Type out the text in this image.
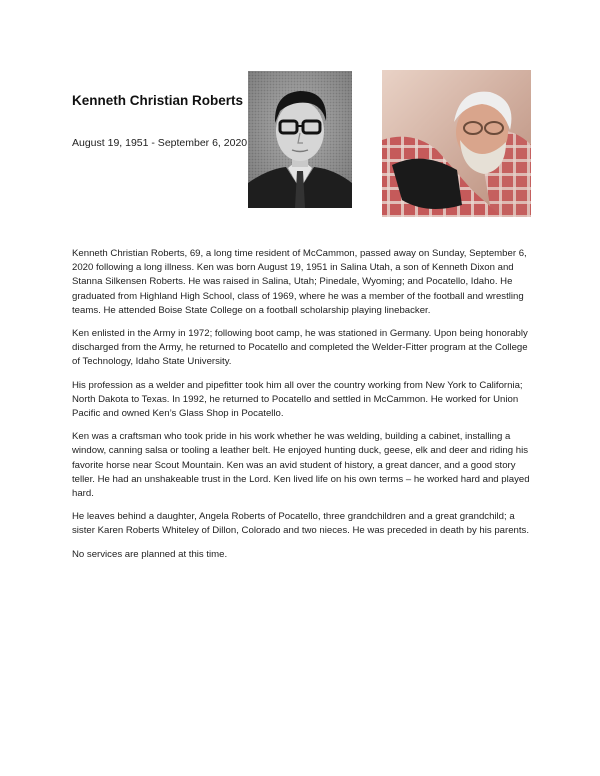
Kenneth Christian Roberts
August 19, 1951 - September 6, 2020

Kenneth Christian Roberts, 69, a long time resident of McCammon, passed away on Sunday, September 6, 2020 following a long illness. Ken was born August 19, 1951 in Salina Utah, a son of Kenneth Dixon and Stanna Silkensen Roberts. He was raised in Salina, Utah; Pinedale, Wyoming; and Pocatello, Idaho. He graduated from Highland High School, class of 1969, where he was a member of the football and wrestling teams. He attended Boise State College on a football scholarship playing linebacker.

Ken enlisted in the Army in 1972; following boot camp, he was stationed in Germany. Upon being honorably discharged from the Army, he returned to Pocatello and completed the Welder-Fitter program at the College of Technology, Idaho State University.

His profession as a welder and pipefitter took him all over the country working from New York to California; North Dakota to Texas. In 1992, he returned to Pocatello and settled in McCammon. He worked for Union Pacific and owned Ken’s Glass Shop in Pocatello.

Ken was a craftsman who took pride in his work whether he was welding, building a cabinet, installing a window, canning salsa or tooling a leather belt. He enjoyed hunting duck, geese, elk and deer and riding his favorite horse near Scout Mountain. Ken was an avid student of history, a great dancer, and a good story teller. He had an unshakeable trust in the Lord. Ken lived life on his own terms – he worked hard and played hard.

He leaves behind a daughter, Angela Roberts of Pocatello, three grandchildren and a great grandchild; a sister Karen Roberts Whiteley of Dillon, Colorado and two nieces. He was preceded in death by his parents.

No services are planned at this time.
